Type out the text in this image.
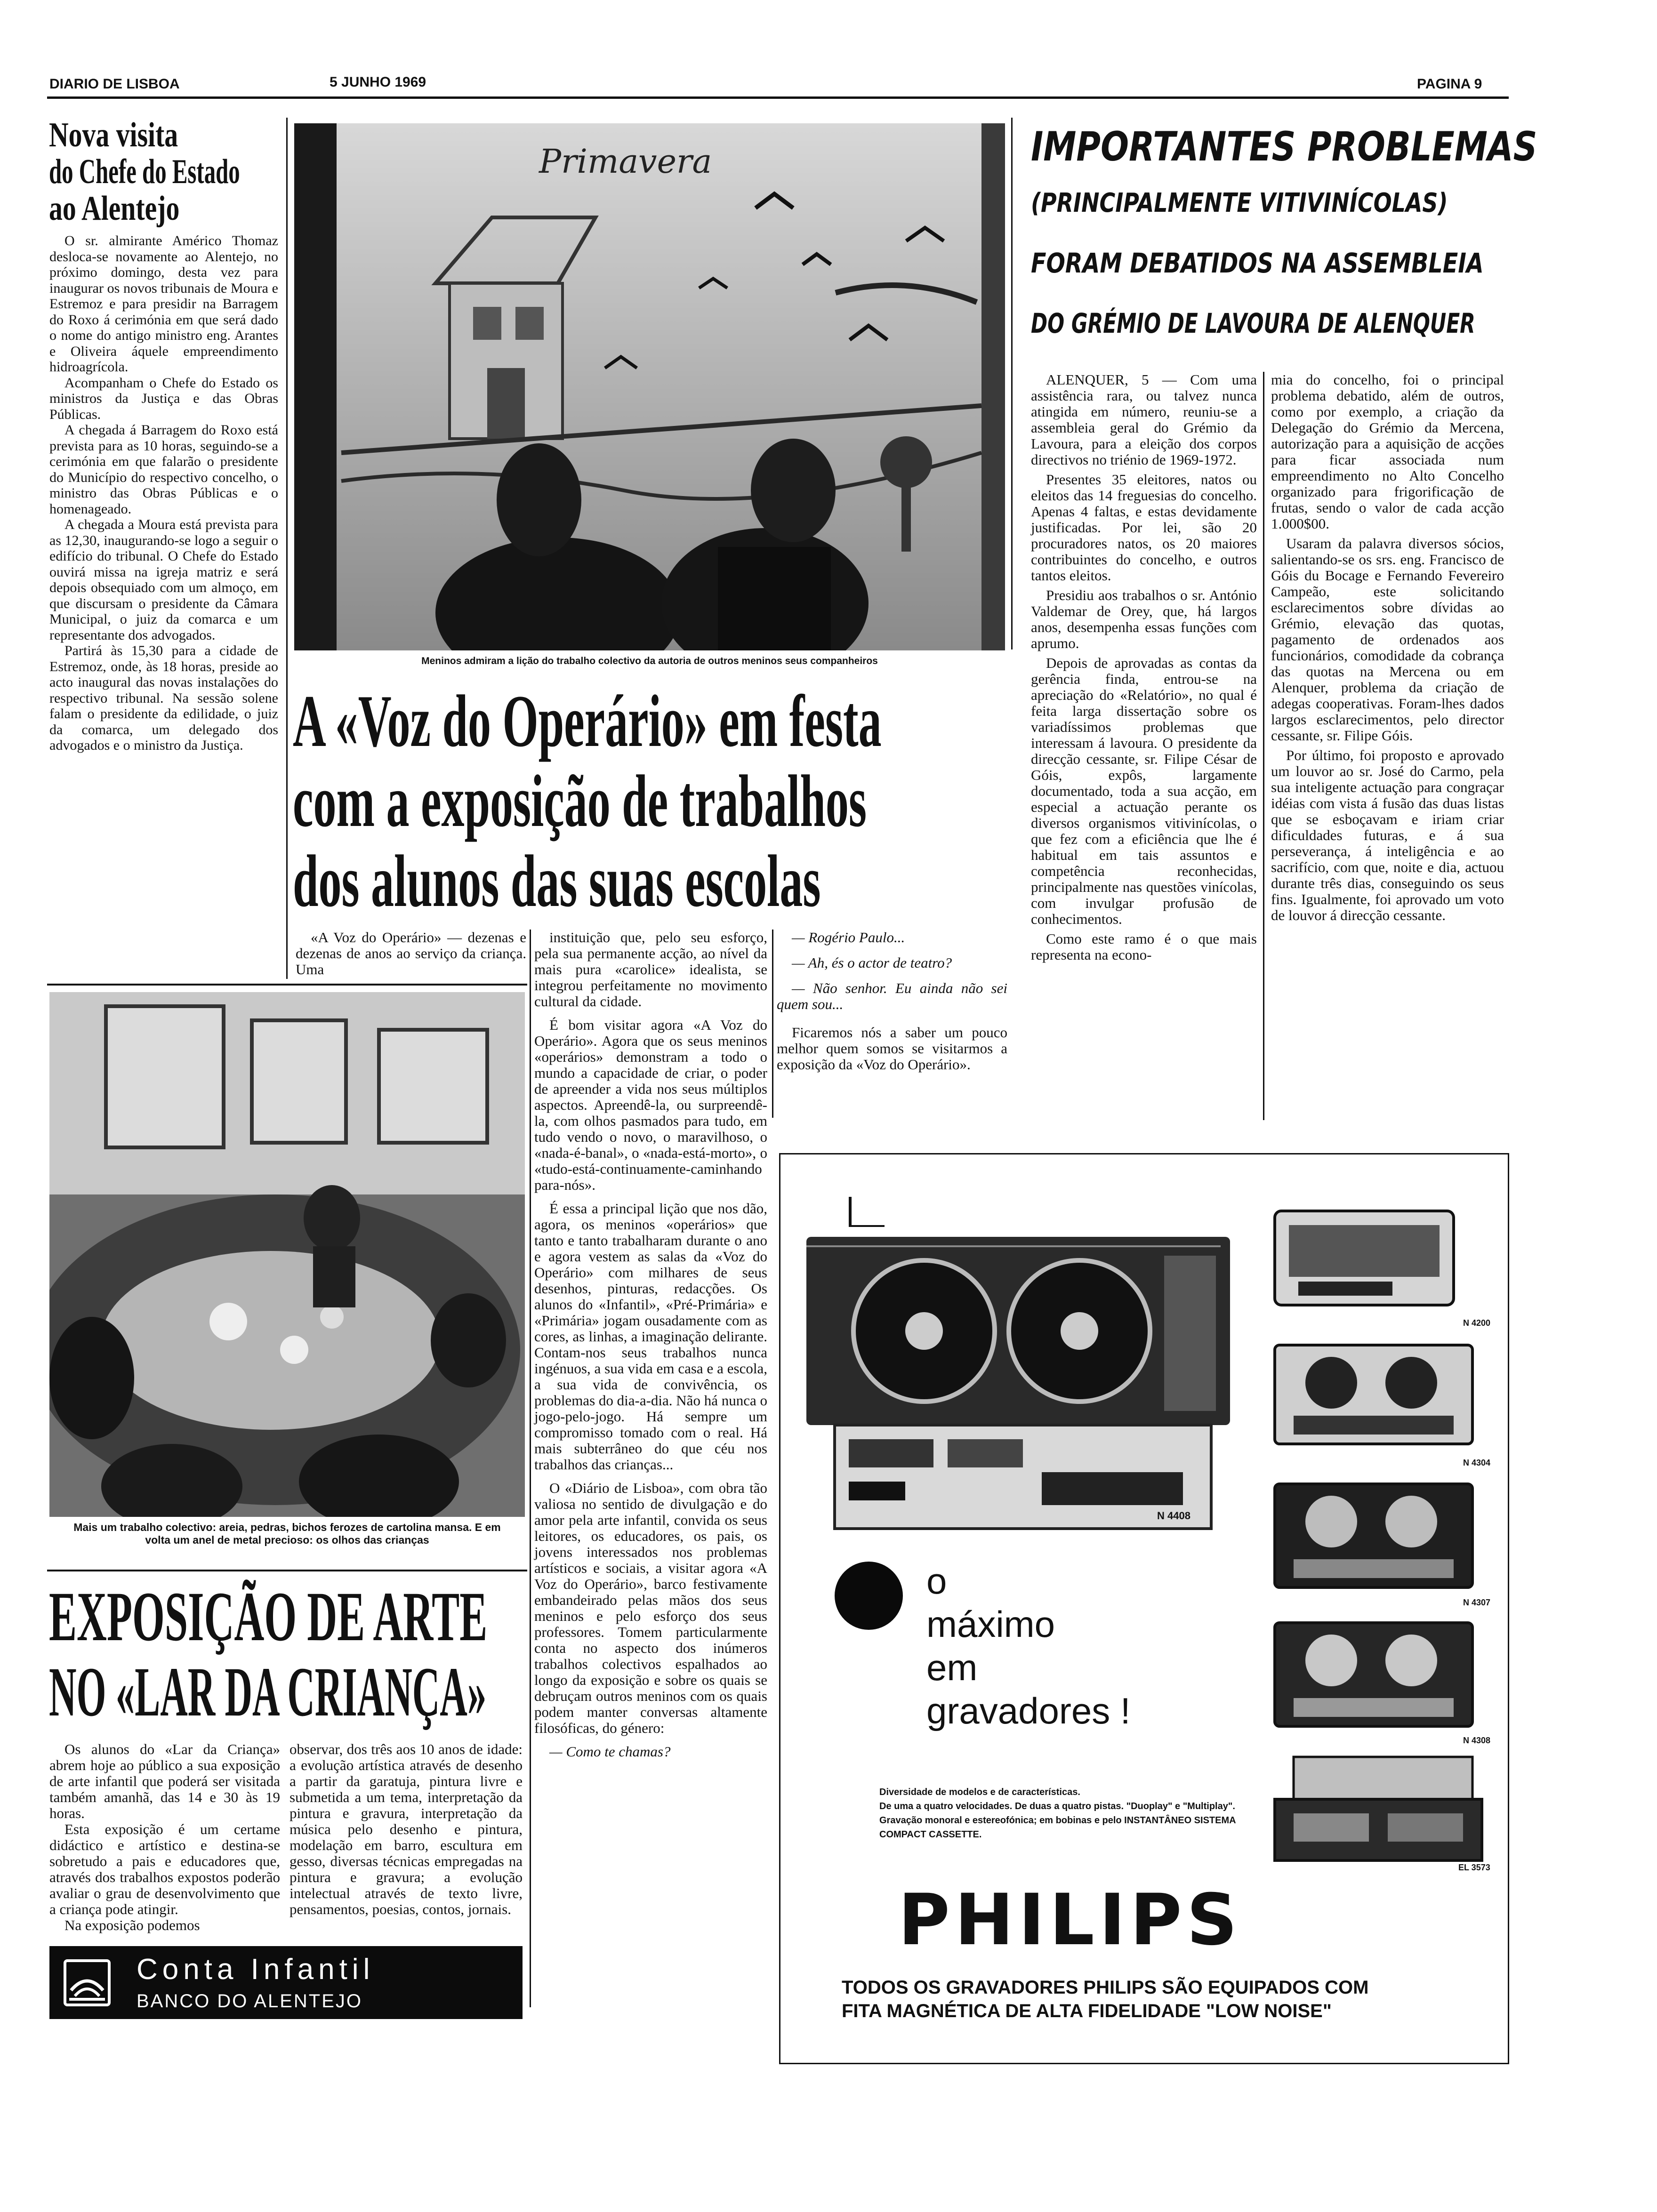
DIARIO DE LISBOA	5 JUNHO 1969	PAGINA 9
Nova visita
do Chefe do Estado
ao Alentejo

O sr. almirante Américo Thomaz desloca-se novamente ao Alentejo, no próximo domingo, desta vez para inaugurar os novos tribunais de Moura e Estremoz e para presidir na Barragem do Roxo á cerimónia em que será dado o nome do antigo ministro eng. Arantes e Oliveira áquele empreendimento hidroagrícola.

Acompanham o Chefe do Estado os ministros da Justiça e das Obras Públicas.

A chegada á Barragem do Roxo está prevista para as 10 horas, seguindo-se a cerimónia em que falarão o presidente do Município do respectivo concelho, o ministro das Obras Públicas e o homenageado.

A chegada a Moura está prevista para as 12,30, inaugurando-se logo a seguir o edifício do tribunal. O Chefe do Estado ouvirá missa na igreja matriz e será depois obsequiado com um almoço, em que discursam o presidente da Câmara Municipal, o juiz da comarca e um representante dos advogados.

Partirá às 15,30 para a cidade de Estremoz, onde, às 18 horas, preside ao acto inaugural das novas instalações do respectivo tribunal. Na sessão solene falam o presidente da edilidade, o juiz da comarca, um delegado dos advogados e o ministro da Justiça.

Primavera
Meninos admiram a lição do trabalho colectivo da autoria de outros meninos seus companheiros
A «Voz do Operário» em festa
com a exposição de trabalhos
dos alunos das suas escolas

«A Voz do Operário» — dezenas e dezenas de anos ao serviço da criança. Uma

instituição que, pelo seu esforço, pela sua permanente acção, ao nível da mais pura «carolice» idealista, se integrou perfeitamente no movimento cultural da cidade.

É bom visitar agora «A Voz do Operário». Agora que os seus meninos «operários» demonstram a todo o mundo a capacidade de criar, o poder de apreender a vida nos seus múltiplos aspectos. Apreendê-la, ou surpreendê-la, com olhos pasmados para tudo, em tudo vendo o novo, o maravilhoso, o «nada-é-banal», o «nada-está-morto», o «tudo-está-continuamente-caminhando para-nós».

É essa a principal lição que nos dão, agora, os meninos «operários» que tanto e tanto trabalharam durante o ano e agora vestem as salas da «Voz do Operário» com milhares de seus desenhos, pinturas, redacções. Os alunos do «Infantil», «Pré-Primária» e «Primária» jogam ousadamente com as cores, as linhas, a imaginação delirante. Contam-nos seus trabalhos nunca ingénuos, a sua vida em casa e a escola, a sua vida de convivência, os problemas do dia-a-dia. Não há nunca o jogo-pelo-jogo. Há sempre um compromisso tomado com o real. Há mais subterrâneo do que céu nos trabalhos das crianças...

O «Diário de Lisboa», com obra tão valiosa no sentido de divulgação e do amor pela arte infantil, convida os seus leitores, os educadores, os pais, os jovens interessados nos problemas artísticos e sociais, a visitar agora «A Voz do Operário», barco festivamente embandeirado pelas mãos dos seus meninos e pelo esforço dos seus professores. Tomem particularmente conta no aspecto dos inúmeros trabalhos colectivos espalhados ao longo da exposição e sobre os quais se debruçam outros meninos com os quais podem manter conversas altamente filosóficas, do género:

— Como te chamas?

— Rogério Paulo...

— Ah, és o actor de teatro?

— Não senhor. Eu ainda não sei quem sou...

Ficaremos nós a saber um pouco melhor quem somos se visitarmos a exposição da «Voz do Operário».

Mais um trabalho colectivo: areia, pedras, bichos ferozes de cartolina mansa. E em volta um anel de metal precioso: os olhos das crianças
EXPOSIÇÃO DE ARTE
NO «LAR DA CRIANÇA»

Os alunos do «Lar da Criança» abrem hoje ao público a sua exposição de arte infantil que poderá ser visitada também amanhã, das 14 e 30 às 19 horas.

Esta exposição é um certame didáctico e artístico e destina-se sobretudo a pais e educadores que, através dos trabalhos expostos poderão avaliar o grau de desenvolvimento que a criança pode atingir.

Na exposição podemos

observar, dos três aos 10 anos de idade: a evolução artística através de desenho a partir da garatuja, pintura livre e submetida a um tema, interpretação da pintura e gravura, interpretação da música pelo desenho e pintura, modelação em barro, escultura em gesso, diversas técnicas empregadas na pintura e gravura; a evolução intelectual através de texto livre, pensamentos, poesias, contos, jornais.

Conta Infantil
BANCO DO ALENTEJO
IMPORTANTES PROBLEMAS
(PRINCIPALMENTE VITIVINÍCOLAS)
FORAM DEBATIDOS NA ASSEMBLEIA
DO GRÉMIO DE LAVOURA DE ALENQUER

ALENQUER, 5 — Com uma assistência rara, ou talvez nunca atingida em número, reuniu-se a assembleia geral do Grémio da Lavoura, para a eleição dos corpos directivos no triénio de 1969-1972.

Presentes 35 eleitores, natos ou eleitos das 14 freguesias do concelho. Apenas 4 faltas, e estas devidamente justificadas. Por lei, são 20 procuradores natos, os 20 maiores contribuintes do concelho, e outros tantos eleitos.

Presidiu aos trabalhos o sr. António Valdemar de Orey, que, há largos anos, desempenha essas funções com aprumo.

Depois de aprovadas as contas da gerência finda, entrou-se na apreciação do «Relatório», no qual é feita larga dissertação sobre os variadíssimos problemas que interessam á lavoura. O presidente da direcção cessante, sr. Filipe César de Góis, expôs, largamente documentado, toda a sua acção, em especial a actuação perante os diversos organismos vitivinícolas, o que fez com a eficiência que lhe é habitual em tais assuntos e competência reconhecidas, principalmente nas questões vinícolas, com invulgar profusão de conhecimentos.

Como este ramo é o que mais representa na econo-

mia do concelho, foi o principal problema debatido, além de outros, como por exemplo, a criação da Delegação do Grémio da Mercena, autorização para a aquisição de acções para ficar associada num empreendimento no Alto Concelho organizado para frigorificação de frutas, sendo o valor de cada acção 1.000$00.

Usaram da palavra diversos sócios, salientando-se os srs. eng. Francisco de Góis du Bocage e Fernando Fevereiro Campeão, este solicitando esclarecimentos sobre dívidas ao Grémio, elevação das quotas, pagamento de ordenados aos funcionários, comodidade da cobrança das quotas na Mercena ou em Alenquer, problema da criação de adegas cooperativas. Foram-lhes dados largos esclarecimentos, pelo director cessante, sr. Filipe Góis.

Por último, foi proposto e aprovado um louvor ao sr. José do Carmo, pela sua inteligente actuação para congraçar idéias com vista á fusão das duas listas que se esboçavam e iriam criar dificuldades futuras, e á sua perseverança, á inteligência e ao sacrifício, com que, noite e dia, actuou durante três dias, conseguindo os seus fins. Igualmente, foi aprovado um voto de louvor á direcção cessante.

N 4408
N 4200
N 4304
N 4307
N 4308
EL 3573
o
máximo
em
gravadores !
Diversidade de modelos e de características.
De uma a quatro velocidades. De duas a quatro pistas. "Duoplay" e "Multiplay".
Gravação monoral e estereofónica; em bobinas e pelo INSTANTÂNEO SISTEMA
COMPACT CASSETTE.
PHILIPS
TODOS OS GRAVADORES PHILIPS SÃO EQUIPADOS COM
FITA MAGNÉTICA DE ALTA FIDELIDADE "LOW NOISE"
